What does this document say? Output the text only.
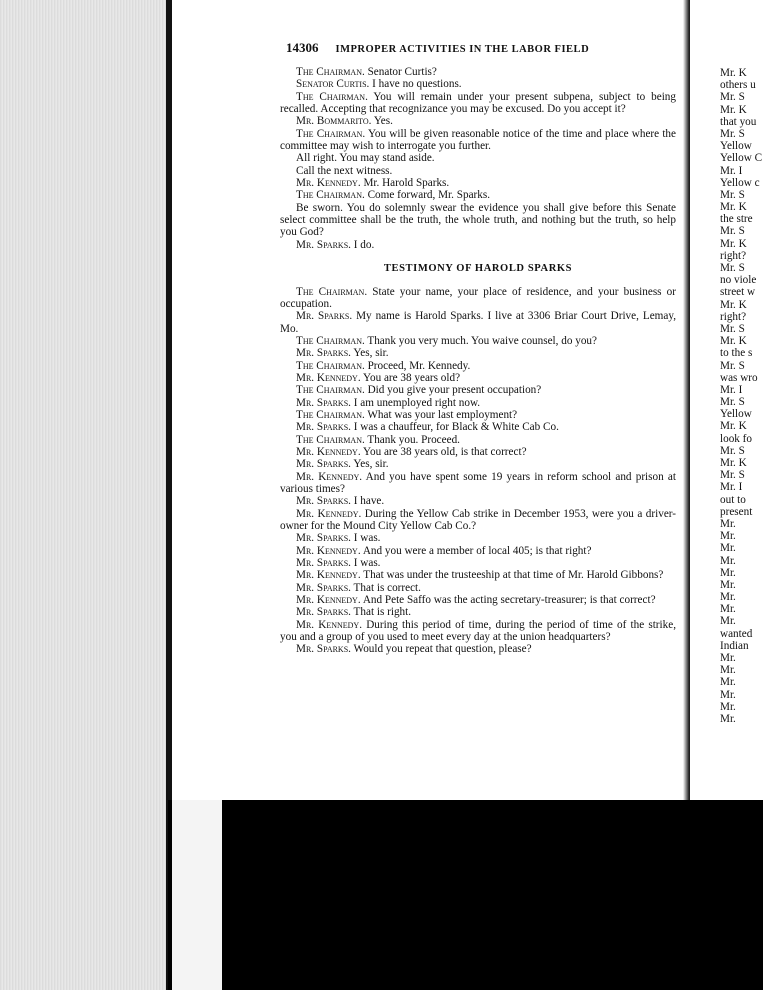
14306 IMPROPER ACTIVITIES IN THE LABOR FIELD

The Chairman. Senator Curtis?

Senator Curtis. I have no questions.

The Chairman. You will remain under your present subpena, subject to being recalled. Accepting that recognizance you may be excused. Do you accept it?

Mr. Bommarito. Yes.

The Chairman. You will be given reasonable notice of the time and place where the committee may wish to interrogate you further.

All right. You may stand aside.

Call the next witness.

Mr. Kennedy. Mr. Harold Sparks.

The Chairman. Come forward, Mr. Sparks.

Be sworn. You do solemnly swear the evidence you shall give before this Senate select committee shall be the truth, the whole truth, and nothing but the truth, so help you God?

Mr. Sparks. I do.

TESTIMONY OF HAROLD SPARKS

The Chairman. State your name, your place of residence, and your business or occupation.

Mr. Sparks. My name is Harold Sparks. I live at 3306 Briar Court Drive, Lemay, Mo.

The Chairman. Thank you very much. You waive counsel, do you?

Mr. Sparks. Yes, sir.

The Chairman. Proceed, Mr. Kennedy.

Mr. Kennedy. You are 38 years old?

The Chairman. Did you give your present occupation?

Mr. Sparks. I am unemployed right now.

The Chairman. What was your last employment?

Mr. Sparks. I was a chauffeur, for Black & White Cab Co.

The Chairman. Thank you. Proceed.

Mr. Kennedy. You are 38 years old, is that correct?

Mr. Sparks. Yes, sir.

Mr. Kennedy. And you have spent some 19 years in reform school and prison at various times?

Mr. Sparks. I have.

Mr. Kennedy. During the Yellow Cab strike in December 1953, were you a driver-owner for the Mound City Yellow Cab Co.?

Mr. Sparks. I was.

Mr. Kennedy. And you were a member of local 405; is that right?

Mr. Sparks. I was.

Mr. Kennedy. That was under the trusteeship at that time of Mr. Harold Gibbons?

Mr. Sparks. That is correct.

Mr. Kennedy. And Pete Saffo was the acting secretary-treasurer; is that correct?

Mr. Sparks. That is right.

Mr. Kennedy. During this period of time, during the period of time of the strike, you and a group of you used to meet every day at the union headquarters?

Mr. Sparks. Would you repeat that question, please?

Mr. K
others u
Mr. S
Mr. K
that you
Mr. S
Yellow
Yellow C
Mr. I
Yellow c
Mr. S
Mr. K
the stre
Mr. S
Mr. K
right?
Mr. S
no viole
street w
Mr. K
right?
Mr. S
Mr. K
to the s
Mr. S
was wro
Mr. I
Mr. S
Yellow
Mr. K
look fo
Mr. S
Mr. K
Mr. S
Mr. I
out to
present
Mr.
Mr.
Mr.
Mr.
Mr.
Mr.
Mr.
Mr.
Mr.
wanted
Indian
Mr.
Mr.
Mr.
Mr.
Mr.
Mr.
